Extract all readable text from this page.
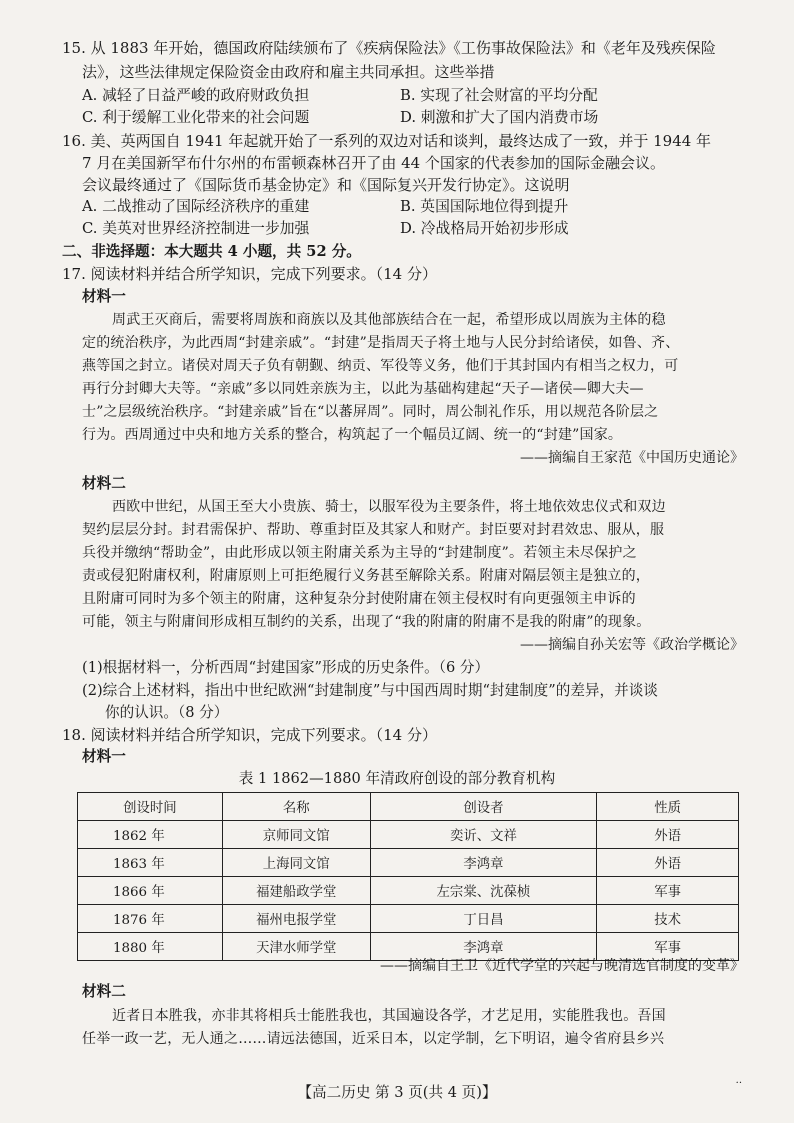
15. 从 1883 年开始，德国政府陆续颁布了《疾病保险法》《工伤事故保险法》和《老年及残疾保险
法》，这些法律规定保险资金由政府和雇主共同承担。这些举措
A. 减轻了日益严峻的政府财政负担	B. 实现了社会财富的平均分配
C. 利于缓解工业化带来的社会问题	D. 刺激和扩大了国内消费市场
16. 美、英两国自 1941 年起就开始了一系列的双边对话和谈判，最终达成了一致，并于 1944 年
7 月在美国新罕布什尔州的布雷顿森林召开了由 44 个国家的代表参加的国际金融会议。
会议最终通过了《国际货币基金协定》和《国际复兴开发行协定》。这说明
A. 二战推动了国际经济秩序的重建	B. 英国国际地位得到提升
C. 美英对世界经济控制进一步加强	D. 冷战格局开始初步形成
二、非选择题：本大题共 4 小题，共 52 分。
17. 阅读材料并结合所学知识，完成下列要求。（14 分）
材料一
周武王灭商后，需要将周族和商族以及其他部族结合在一起，希望形成以周族为主体的稳
定的统治秩序，为此西周“封建亲戚”。“封建”是指周天子将土地与人民分封给诸侯，如鲁、齐、
燕等国之封立。诸侯对周天子负有朝觐、纳贡、军役等义务，他们于其封国内有相当之权力，可
再行分封卿大夫等。“亲戚”多以同姓亲族为主，以此为基础构建起“天子—诸侯—卿大夫—
士”之层级统治秩序。“封建亲戚”旨在“以蕃屏周”。同时，周公制礼作乐，用以规范各阶层之
行为。西周通过中央和地方关系的整合，构筑起了一个幅员辽阔、统一的“封建”国家。
——摘编自王家范《中国历史通论》
材料二
西欧中世纪，从国王至大小贵族、骑士，以服军役为主要条件，将土地依效忠仪式和双边
契约层层分封。封君需保护、帮助、尊重封臣及其家人和财产。封臣要对封君效忠、服从，服
兵役并缴纳“帮助金”，由此形成以领主附庸关系为主导的“封建制度”。若领主未尽保护之
责或侵犯附庸权利，附庸原则上可拒绝履行义务甚至解除关系。附庸对隔层领主是独立的，
且附庸可同时为多个领主的附庸，这种复杂分封使附庸在领主侵权时有向更强领主申诉的
可能，领主与附庸间形成相互制约的关系，出现了“我的附庸的附庸不是我的附庸”的现象。
——摘编自孙关宏等《政治学概论》
(1)根据材料一，分析西周“封建国家”形成的历史条件。（6 分）
(2)综合上述材料，指出中世纪欧洲“封建制度”与中国西周时期“封建制度”的差异，并谈谈
你的认识。（8 分）
18. 阅读材料并结合所学知识，完成下列要求。（14 分）
材料一
表 1 1862—1880 年清政府创设的部分教育机构
创设时间	名称	创设者	性质
1862 年	京师同文馆	奕䜣、文祥	外语
1863 年	上海同文馆	李鸿章	外语
1866 年	福建船政学堂	左宗棠、沈葆桢	军事
1876 年	福州电报学堂	丁日昌	技术
1880 年	天津水师学堂	李鸿章	军事
——摘编自王卫《近代学堂的兴起与晚清选官制度的变革》
材料二
近者日本胜我，亦非其将相兵士能胜我也，其国遍设各学，才艺足用，实能胜我也。吾国
任举一政一艺，无人通之……请远法德国，近采日本，以定学制，乞下明诏，遍令省府县乡兴
【高二历史 第 3 页(共 4 页)】
··
